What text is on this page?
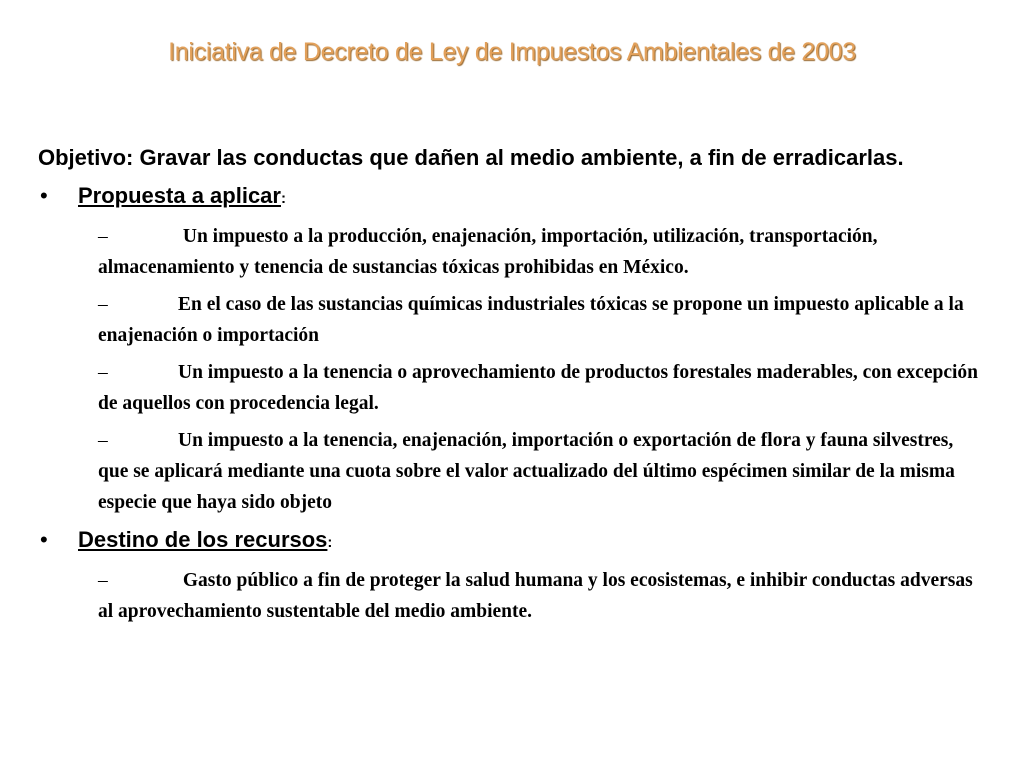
Iniciativa de Decreto de Ley de Impuestos Ambientales de 2003

Objetivo: Gravar las conductas que dañen al medio ambiente, a fin de erradicarlas.

• Propuesta a aplicar:
–	Un impuesto a la producción, enajenación, importación, utilización, transportación, almacenamiento y tenencia de sustancias tóxicas prohibidas en México.
–	En el caso de las sustancias químicas industriales tóxicas se propone un impuesto aplicable a la enajenación o importación
–	Un impuesto a la tenencia o aprovechamiento de productos forestales maderables, con excepción de aquellos con procedencia legal.
–	Un impuesto a la tenencia, enajenación, importación o exportación de flora y fauna silvestres, que se aplicará mediante una cuota sobre el valor actualizado del último espécimen similar de la misma especie que haya sido objeto
• Destino de los recursos:
–	Gasto público a fin de proteger la salud humana y los ecosistemas, e inhibir conductas adversas al aprovechamiento sustentable del medio ambiente.
